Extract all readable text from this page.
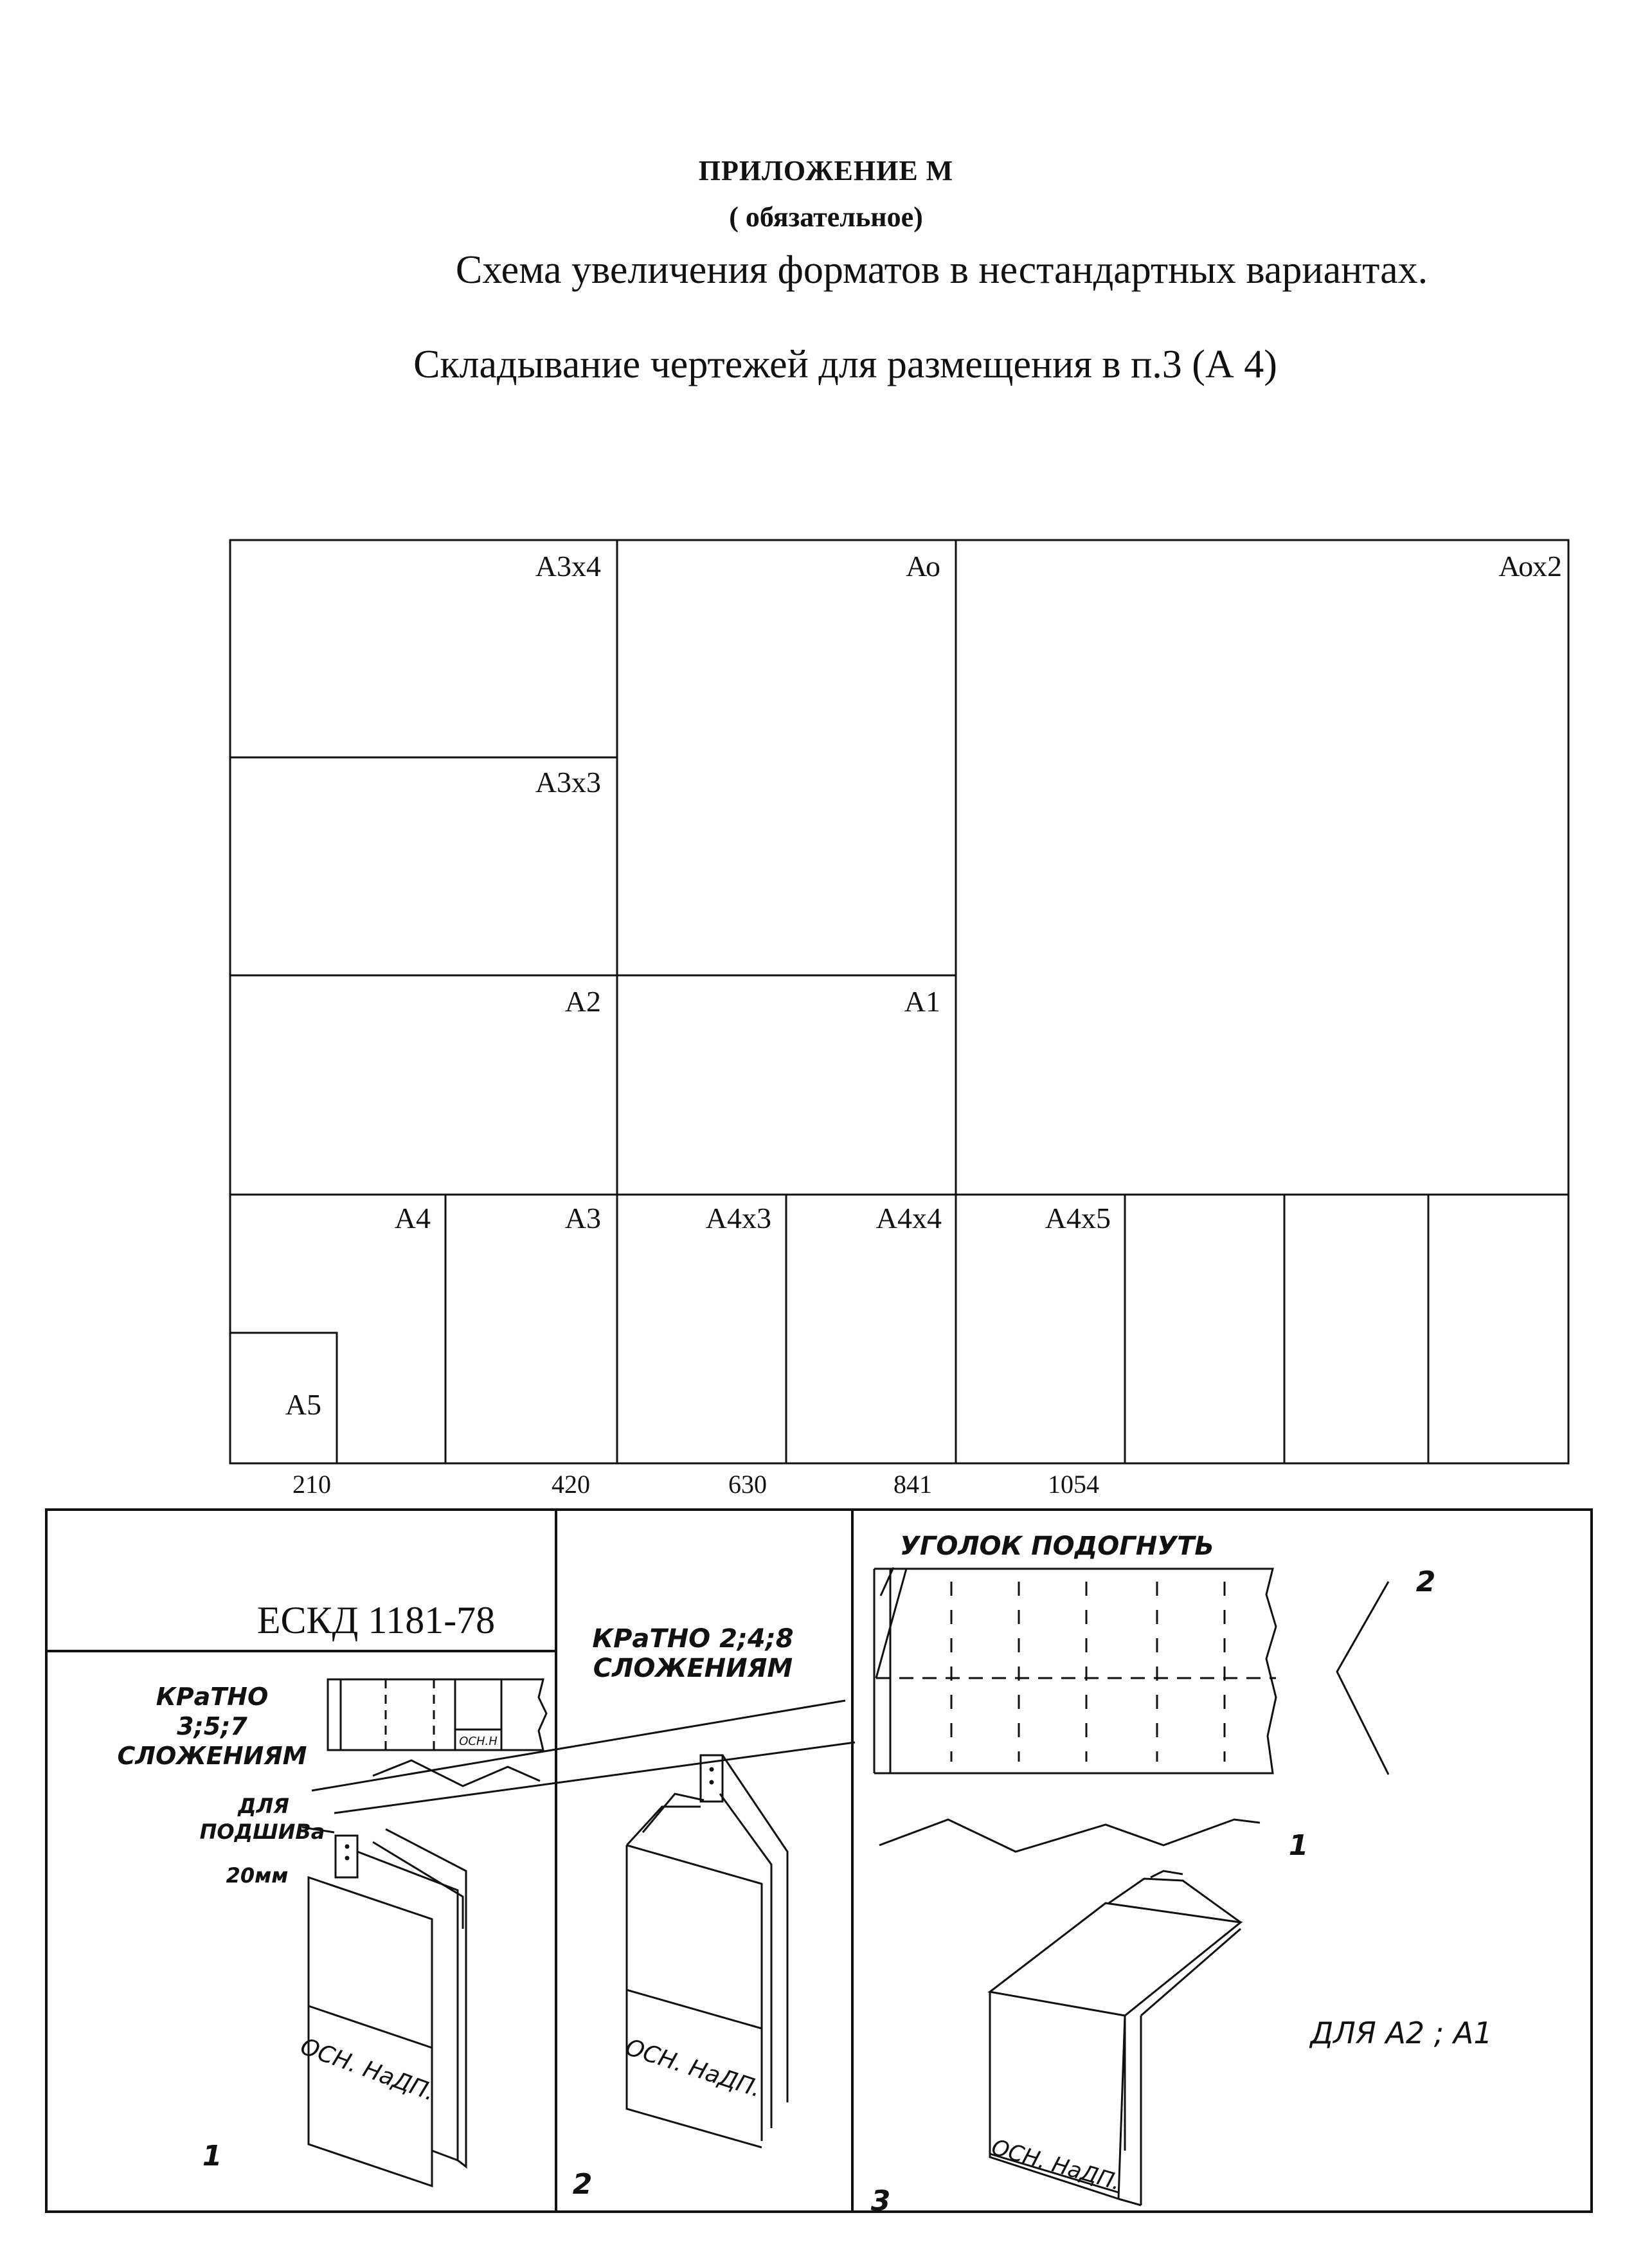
ПРИЛОЖЕНИЕ М
( обязательное)
Схема увеличения форматов в нестандартных вариантах.
Складывание чертежей для размещения в п.3 (А 4)
А3х4	Ао	Аох2
А3х3
А2	А1
А4	А3	А4х3	А4х4	А4х5
А5
210	420	630	841	1054
ЕСКД 1181-78
КРаТНО
3;5;7
СЛОЖЕНИЯМ
ОСН.Н
ДЛЯ
ПОДШИВа
20мм
ОСН. НаДП.
1
КРаТНО 2;4;8
СЛОЖЕНИЯМ
ОСН. НаДП.
2
УГОЛОК ПОДОГНУТЬ
2
1
ОСН. НаДП.
ДЛЯ А2 ; А1
3
